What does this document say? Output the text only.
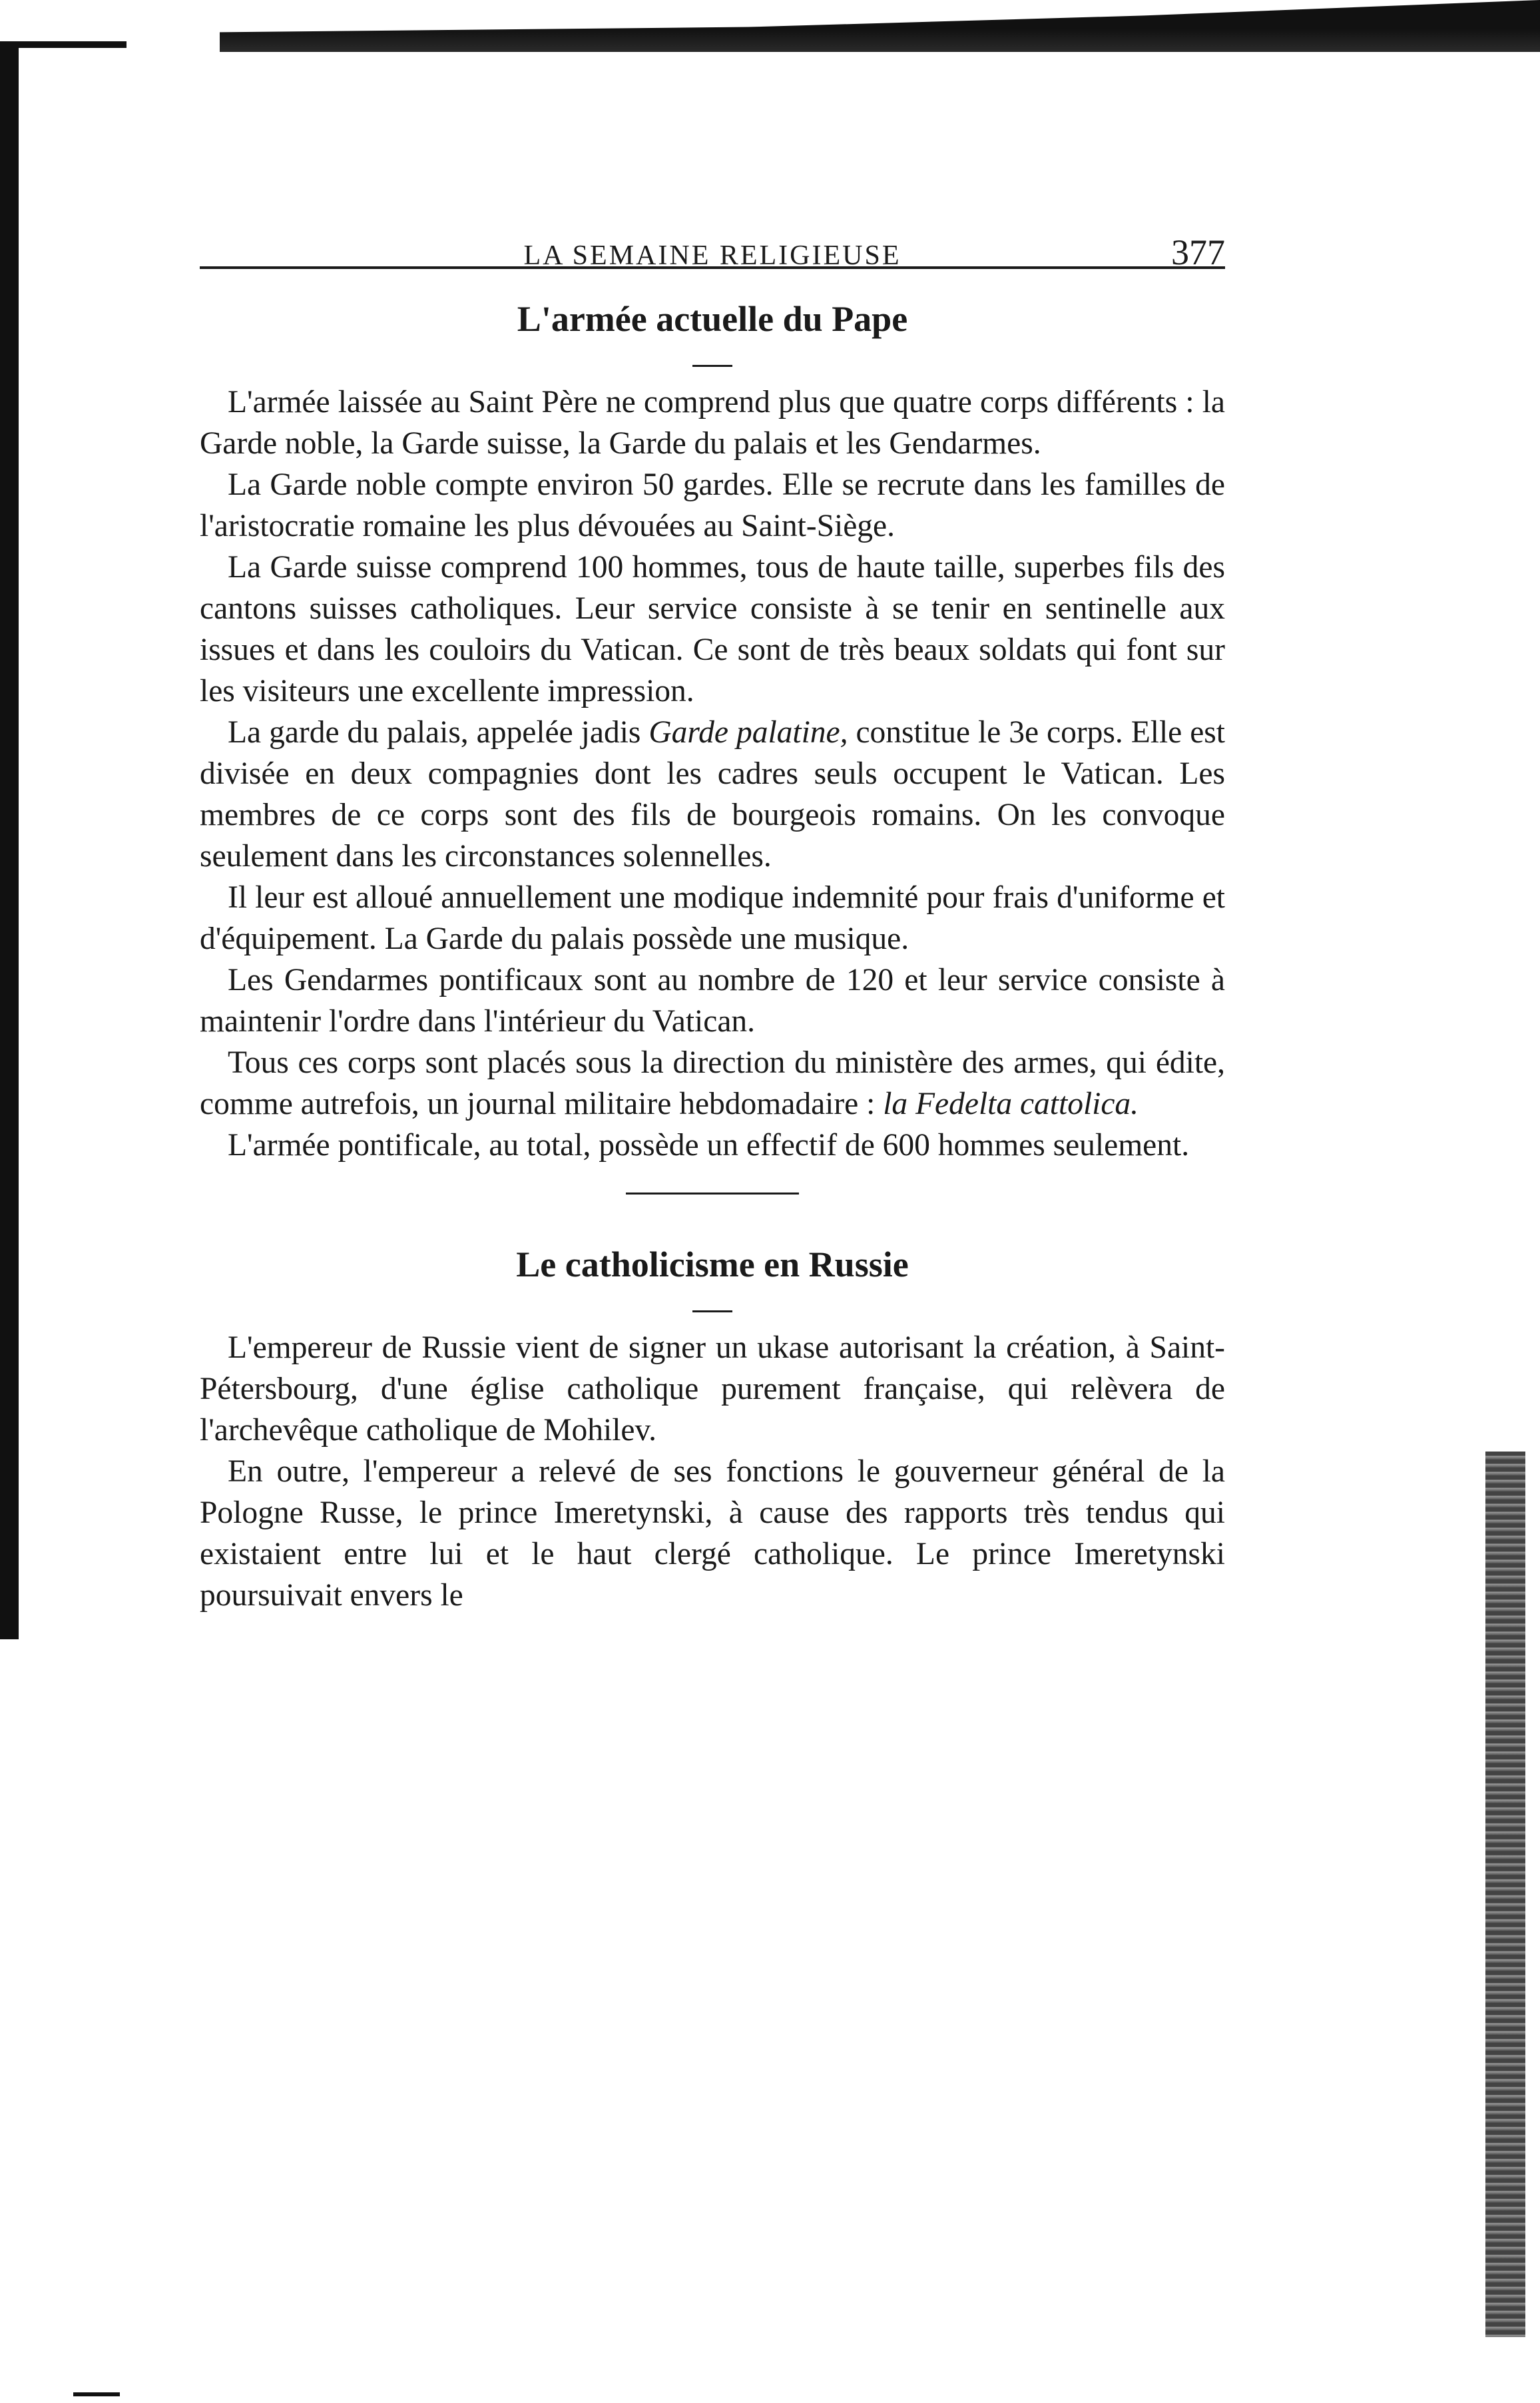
LA SEMAINE RELIGIEUSE	377
L'armée actuelle du Pape

L'armée laissée au Saint Père ne comprend plus que quatre corps différents : la Garde noble, la Garde suisse, la Garde du palais et les Gendarmes.

La Garde noble compte environ 50 gardes. Elle se recrute dans les familles de l'aristocratie romaine les plus dévouées au Saint-Siège.

La Garde suisse comprend 100 hommes, tous de haute taille, superbes fils des cantons suisses catholiques. Leur service consiste à se tenir en sentinelle aux issues et dans les couloirs du Vatican. Ce sont de très beaux soldats qui font sur les visiteurs une excellente impression.

La garde du palais, appelée jadis Garde palatine, constitue le 3e corps. Elle est divisée en deux compagnies dont les cadres seuls occupent le Vatican. Les membres de ce corps sont des fils de bourgeois romains. On les convoque seulement dans les circonstances solennelles.

Il leur est alloué annuellement une modique indemnité pour frais d'uniforme et d'équipement. La Garde du palais possède une musique.

Les Gendarmes pontificaux sont au nombre de 120 et leur service consiste à maintenir l'ordre dans l'intérieur du Vatican.

Tous ces corps sont placés sous la direction du ministère des armes, qui édite, comme autrefois, un journal militaire hebdomadaire : la Fedelta cattolica.

L'armée pontificale, au total, possède un effectif de 600 hommes seulement.

Le catholicisme en Russie

L'empereur de Russie vient de signer un ukase autorisant la création, à Saint-Pétersbourg, d'une église catholique purement française, qui relèvera de l'archevêque catholique de Mohilev.

En outre, l'empereur a relevé de ses fonctions le gouverneur général de la Pologne Russe, le prince Imeretynski, à cause des rapports très tendus qui existaient entre lui et le haut clergé catholique. Le prince Imeretynski poursuivait envers le
